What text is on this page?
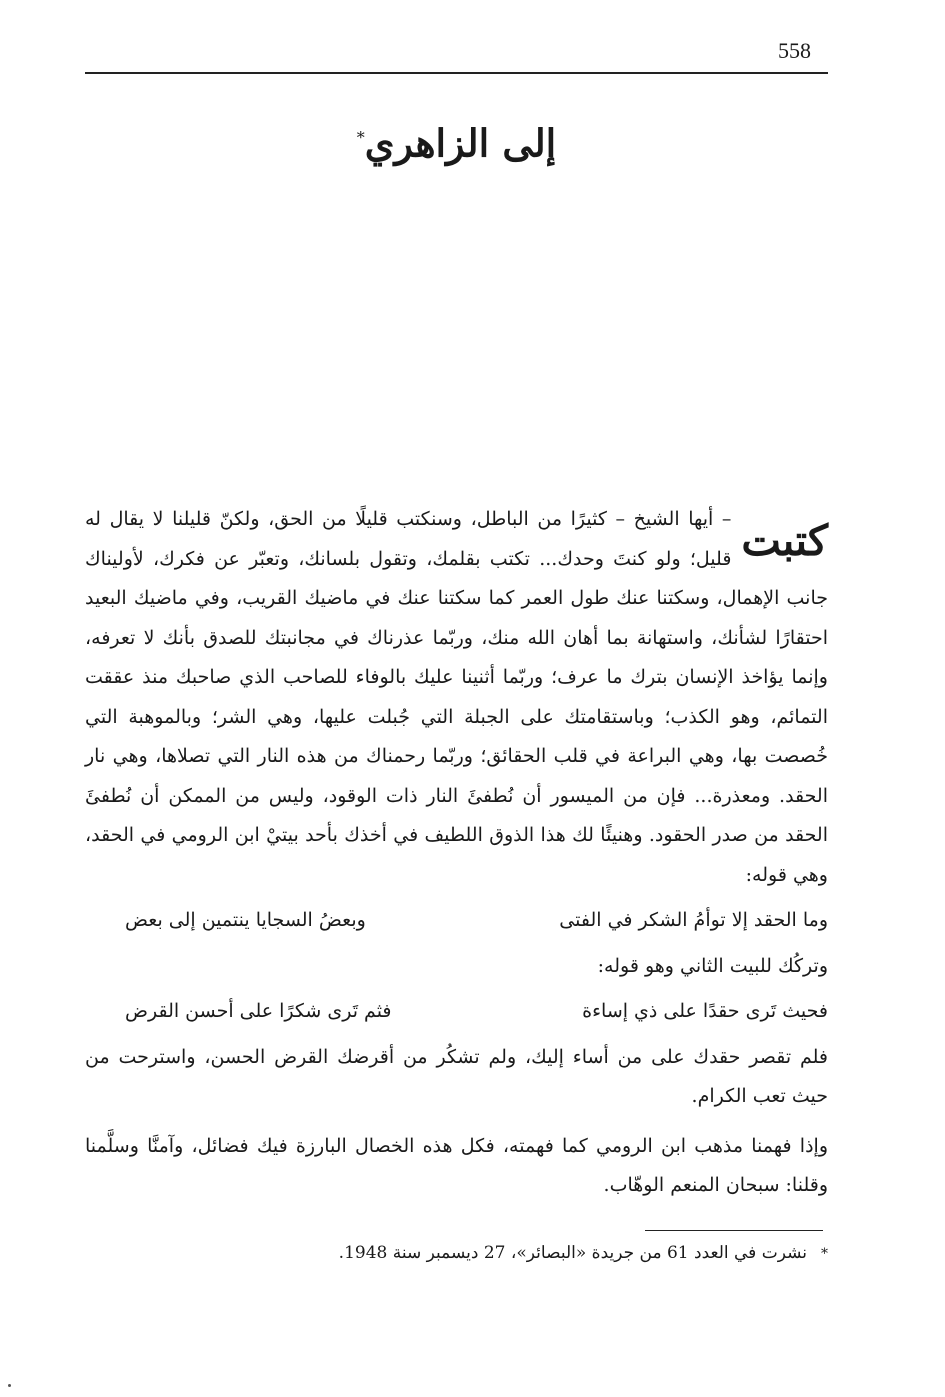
558
إلى الزاهري*

كتبت
– أيها الشيخ – كثيرًا من الباطل، وسنكتب قليلًا من الحق، ولكنّ قليلنا لا يقال له قليل؛ ولو كنتَ وحدك... تكتب بقلمك، وتقول بلسانك، وتعبّر عن فكرك، لأوليناك جانب الإهمال، وسكتنا عنك طول العمر كما سكتنا عنك في ماضيك القريب، وفي ماضيك البعيد احتقارًا لشأنك، واستهانة بما أهان الله منك، وربّما عذرناك في مجانبتك للصدق بأنك لا تعرفه، وإنما يؤاخذ الإنسان بترك ما عرف؛ وربّما أثنينا عليك بالوفاء للصاحب الذي صاحبك منذ عققت التمائم، وهو الكذب؛ وباستقامتك على الجبلة التي جُبلت عليها، وهي الشر؛ وبالموهبة التي خُصصت بها، وهي البراعة في قلب الحقائق؛ وربّما رحمناك من هذه النار التي تصلاها، وهي نار الحقد. ومعذرة... فإن من الميسور أن نُطفئَ النار ذات الوقود، وليس من الممكن أن نُطفئَ الحقد من صدر الحقود. وهنيئًا لك هذا الذوق اللطيف في أخذك بأحد بيتيْ ابن الرومي في الحقد، وهي قوله:

وما الحقد إلا توأمُ الشكر في الفتى
وبعضُ السجايا ينتمين إلى بعض

وتركُك للبيت الثاني وهو قوله:

فحيث تَرى حقدًا على ذي إساءة
فثم تَرى شكرًا على أحسن القرض

فلم تقصر حقدك على من أساء إليك، ولم تشكُر من أقرضك القرض الحسن، واسترحت من حيث تعب الكرام.

وإذا فهمنا مذهب ابن الرومي كما فهمته، فكل هذه الخصال البارزة فيك فضائل، وآمنَّا وسلَّمنا وقلنا: سبحان المنعم الوهّاب.

*نشرت في العدد 61 من جريدة «البصائر»، 27 ديسمبر سنة 1948.
